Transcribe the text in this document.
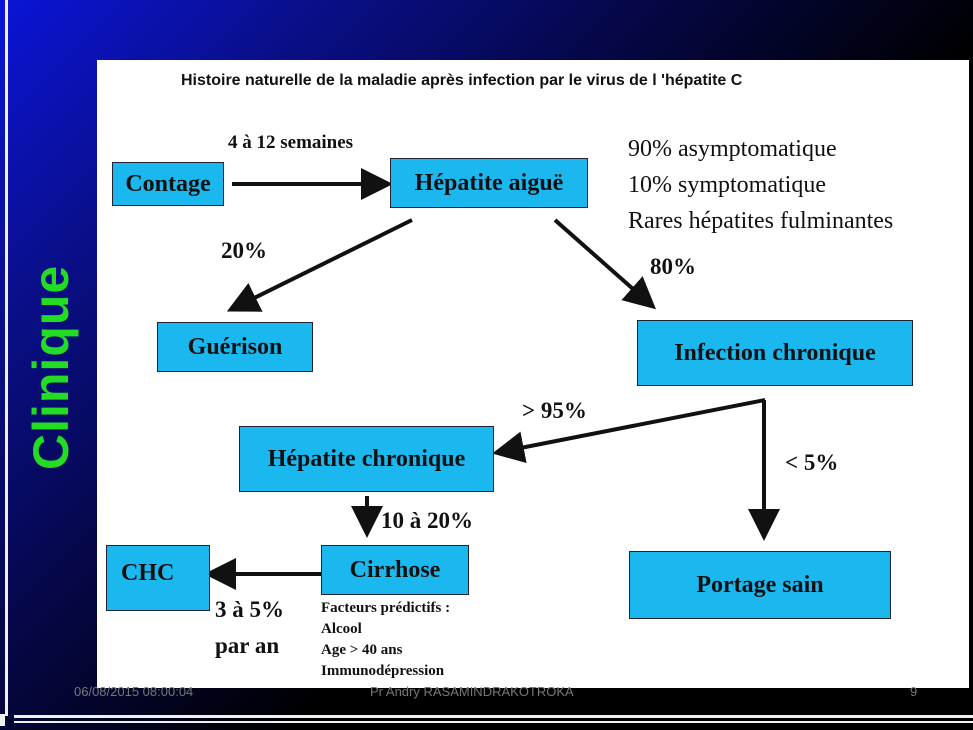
Clinique
Histoire naturelle de la maladie après infection par le virus de l 'hépatite C
Contage	Hépatite aiguë
Guérison	Infection chronique
Hépatite chronique
Cirrhose
CHC	Portage sain
4 à 12 semaines
20%
80%
> 95%
< 5%
10 à 20%
3 à 5%
par an
90% asymptomatique
10% symptomatique
Rares hépatites fulminantes
Facteurs prédictifs :
Alcool
Age > 40 ans
Immunodépression
06/08/2015 08:00:04	Pr Andry RASAMINDRAKOTROKA	9
